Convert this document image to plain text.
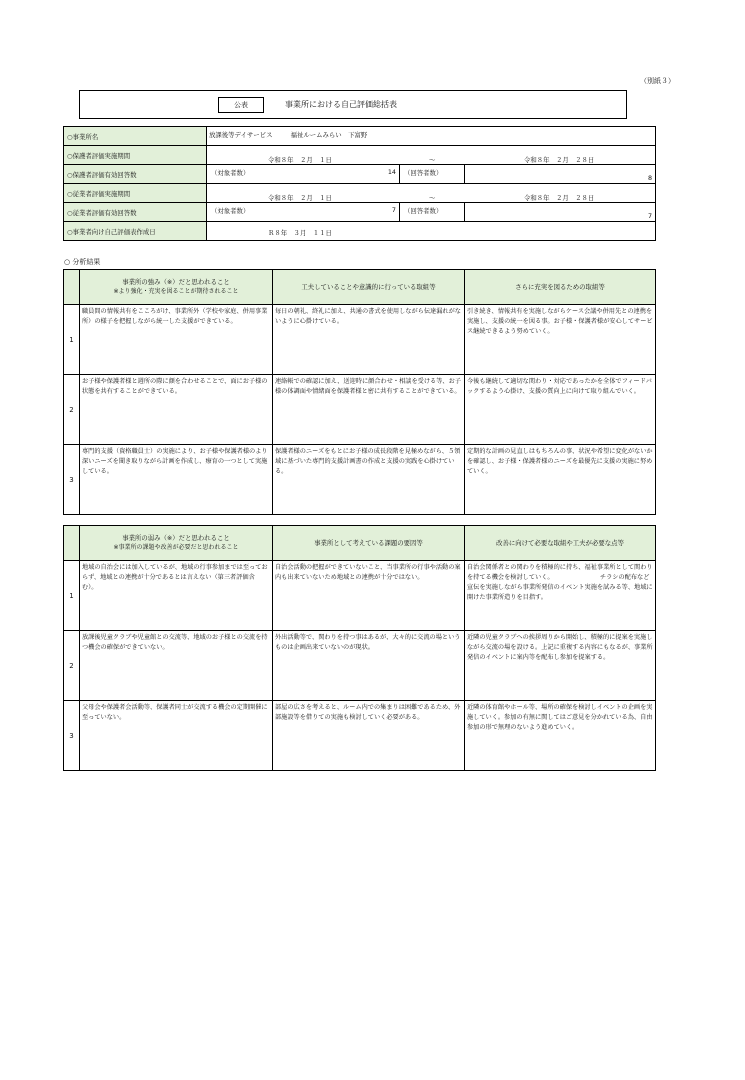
（別紙３）
公表	事業所における自己評価総括表
○事業所名	放課後等デイサービス 福祉ルームみらい　下富野		
○保護者評価実施期間	令和８年　２月　１日 ～ 令和８年　２月　２８日		

○保護者評価有効回答数	（対象者数） 14	（回答者数）	8

○従業者評価実施期間	令和８年　２月　１日 ～ 令和８年　２月　２８日		

○従業者評価有効回答数	（対象者数） 7	（回答者数）	7

○事業者向け自己評価表作成日	Ｒ８年　３月　１１日		
○ 分析結果

	事業所の強み（※）だと思われること
※より強化・充実を図ることが期待されること	工夫していることや意識的に行っている取組等	さらに充実を図るための取組等
1	職員間の情報共有をこころがけ、事業所外（学校や家庭、併用事業所）の様子を把握しながら統一した支援ができている。	毎日の朝礼、終礼に加え、共通の書式を使用しながら伝達漏れがないように心掛けている。	引き続き、情報共有を実施しながらケース会議や併用先との連携を実施し、支援の統一を図る事。お子様・保護者様が安心してサービス継続できるよう努めていく。
2	お子様や保護者様と週所の際に顔を合わせることで、面にお子様の状態を共有することができている。	連絡帳での確認に加え、送迎時に顔合わせ・相談を受ける等、お子様の体調面や情緒面を保護者様と密に共有することができている。	今後も継続して適切な関わり・対応であったかを全体でフィードバックするよう心掛け、支援の質向上に向けて取り組んでいく。
3	専門的支援（資格職員士）の実施により、お子様や保護者様のより深いニーズを聞き取りながら計画を作成し、療育の一つとして実施している。	保護者様のニーズをもとにお子様の成長段階を見極めながら、５領域に基づいた専門的支援計画書の作成と支援の実践を心掛けている。	定期的な計画の見直しはもちろんの事、状況や希望に変化がないかを確認し、お子様・保護者様のニーズを最優先に支援の実施に努めていく。

	事業所の弱み（※）だと思われること
※事業所の課題や改善が必要だと思われること	事業所として考えている課題の要因等	改善に向けて必要な取組や工夫が必要な点等
1	地域の自治会には加入しているが、地域の行事参加までは至っておらず、地域との連携が十分であるとは言えない（第三者評価含む）。	自治会活動の把握ができていないこと、当事業所の行事や活動の案内も出来ていないため地域との連携が十分ではない。	自治会関係者との関わりを積極的に持ち、福祉事業所として関わりを持てる機会を検討していく。　　　　　　　　チラシの配布など宣伝を実施しながら事業所発信のイベント実施を試みる等、地域に開けた事業所造りを目指す。
2	放課後児童クラブや児童館との交流等、地域のお子様との交流を持つ機会の確保ができていない。	外出活動等で、関わりを持つ事はあるが、大々的に交流の場というものは企画出来ていないのが現状。	近隣の児童クラブへの挨拶周りから開始し、積極的に提案を実施しながら交流の場を設ける。上記に重複する内容にもなるが、事業所発信のイベントに案内等を配布し参加を提案する。
3	父母会や保護者会活動等、保護者同士が交流する機会の定期開催に至っていない。	部屋の広さを考えると、ルーム内での集まりは困難であるため、外部施設等を借りての実施も検討していく必要がある。	近隣の体育館やホール等、場所の確保を検討しイベントの企画を実施していく。参加の有無に関してはご意見を分かれている為、自由参加の形で無理のないよう進めていく。
